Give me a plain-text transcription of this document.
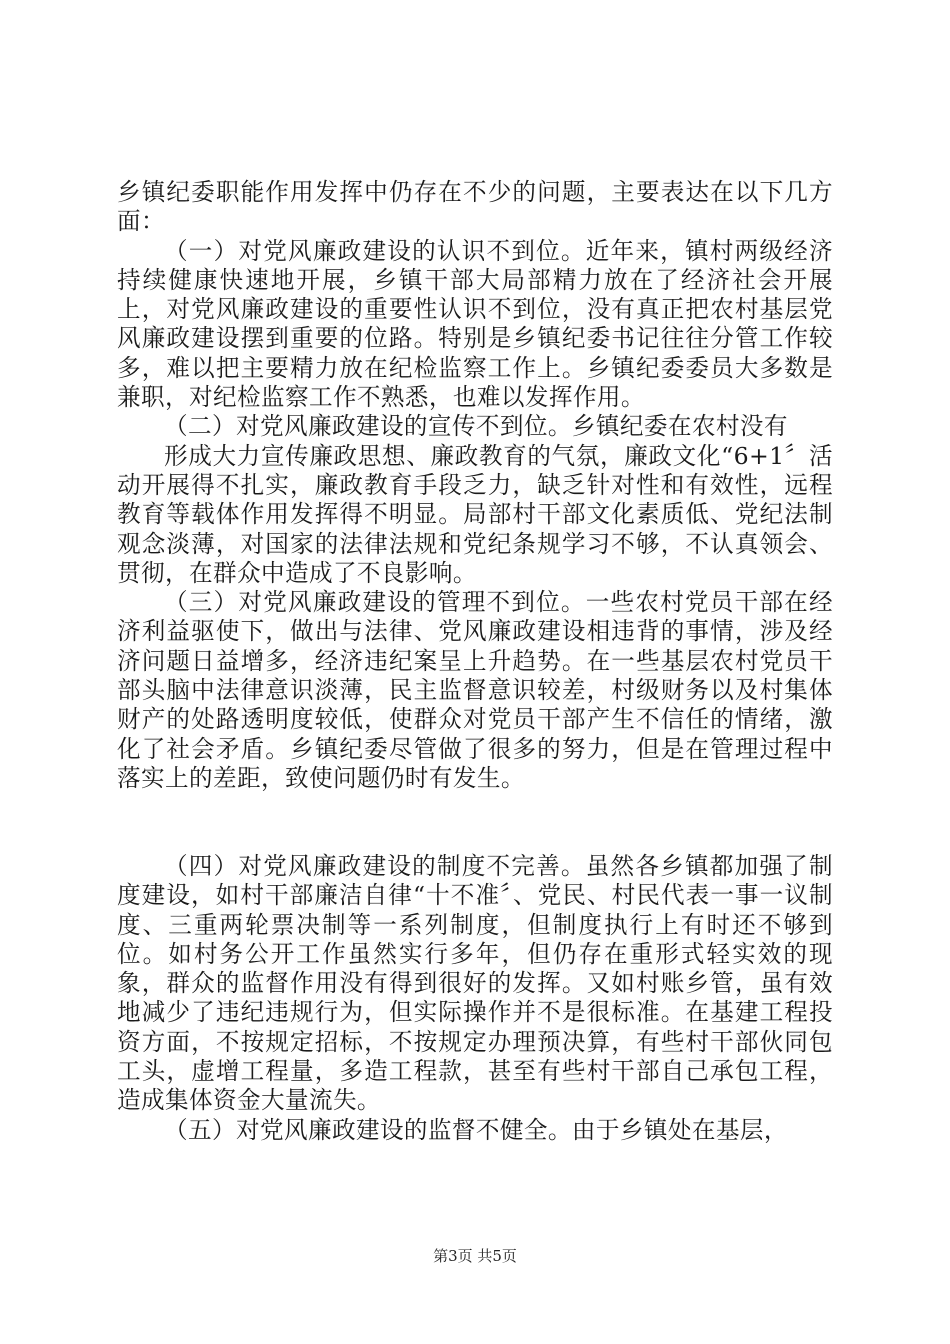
乡镇纪委职能作用发挥中仍存在不少的问题，主要表达在以下几方面：

（一）对党风廉政建设的认识不到位。近年来，镇村两级经济持续健康快速地开展，乡镇干部大局部精力放在了经济社会开展上，对党风廉政建设的重要性认识不到位，没有真正把农村基层党风廉政建设摆到重要的位路。特别是乡镇纪委书记往往分管工作较多，难以把主要精力放在纪检监察工作上。乡镇纪委委员大多数是兼职，对纪检监察工作不熟悉，也难以发挥作用。

（二）对党风廉政建设的宣传不到位。乡镇纪委在农村没有

形成大力宣传廉政思想、廉政教育的气氛，廉政文化“6+1〞活动开展得不扎实，廉政教育手段乏力，缺乏针对性和有效性，远程教育等载体作用发挥得不明显。局部村干部文化素质低、党纪法制观念淡薄，对国家的法律法规和党纪条规学习不够，不认真领会、贯彻，在群众中造成了不良影响。

（三）对党风廉政建设的管理不到位。一些农村党员干部在经济利益驱使下，做出与法律、党风廉政建设相违背的事情，涉及经济问题日益增多，经济违纪案呈上升趋势。在一些基层农村党员干部头脑中法律意识淡薄，民主监督意识较差，村级财务以及村集体财产的处路透明度较低，使群众对党员干部产生不信任的情绪，激化了社会矛盾。乡镇纪委尽管做了很多的努力，但是在管理过程中落实上的差距，致使问题仍时有发生。

（四）对党风廉政建设的制度不完善。虽然各乡镇都加强了制度建设，如村干部廉洁自律“十不准〞、党民、村民代表一事一议制度、三重两轮票决制等一系列制度，但制度执行上有时还不够到位。如村务公开工作虽然实行多年，但仍存在重形式轻实效的现象，群众的监督作用没有得到很好的发挥。又如村账乡管，虽有效地减少了违纪违规行为，但实际操作并不是很标准。在基建工程投资方面，不按规定招标，不按规定办理预决算，有些村干部伙同包工头，虚增工程量，多造工程款，甚至有些村干部自己承包工程，造成集体资金大量流失。

（五）对党风廉政建设的监督不健全。由于乡镇处在基层，

第3页 共5页
